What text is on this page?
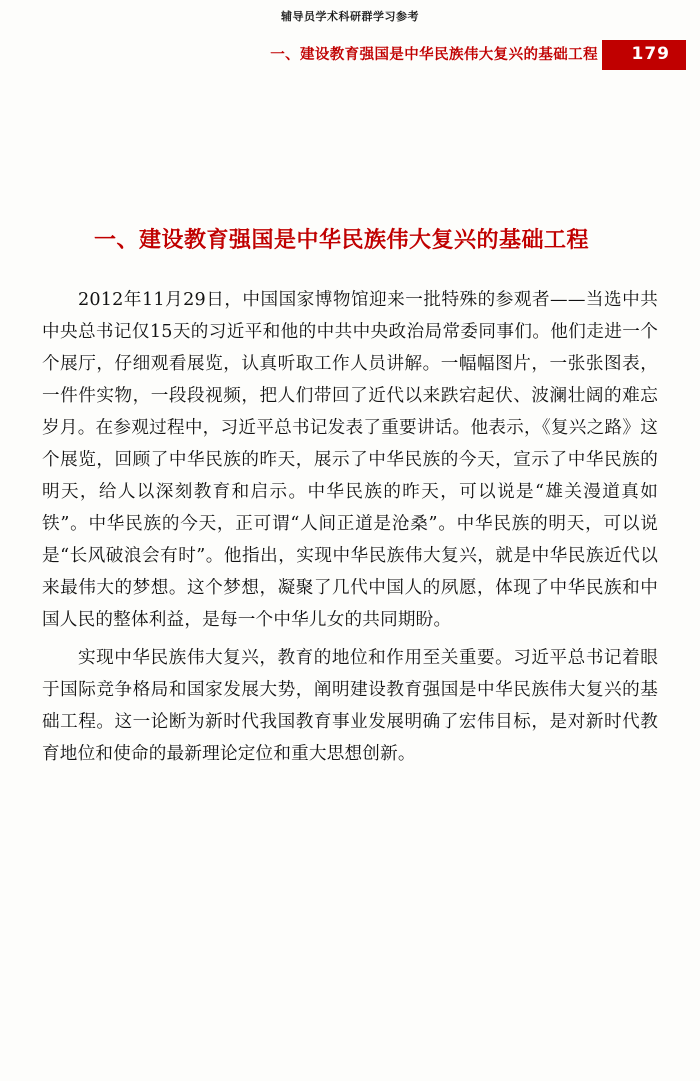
辅导员学术科研群学习参考
一、建设教育强国是中华民族伟大复兴的基础工程 179
一、建设教育强国是中华民族伟大复兴的基础工程

2012年11月29日，中国国家博物馆迎来一批特殊的参观者——当选中共中央总书记仅15天的习近平和他的中共中央政治局常委同事们。他们走进一个个展厅，仔细观看展览，认真听取工作人员讲解。一幅幅图片，一张张图表，一件件实物，一段段视频，把人们带回了近代以来跌宕起伏、波澜壮阔的难忘岁月。在参观过程中，习近平总书记发表了重要讲话。他表示，《复兴之路》这个展览，回顾了中华民族的昨天，展示了中华民族的今天，宣示了中华民族的明天，给人以深刻教育和启示。中华民族的昨天，可以说是“雄关漫道真如铁”。中华民族的今天，正可谓“人间正道是沧桑”。中华民族的明天，可以说是“长风破浪会有时”。他指出，实现中华民族伟大复兴，就是中华民族近代以来最伟大的梦想。这个梦想，凝聚了几代中国人的夙愿，体现了中华民族和中国人民的整体利益，是每一个中华儿女的共同期盼。

实现中华民族伟大复兴，教育的地位和作用至关重要。习近平总书记着眼于国际竞争格局和国家发展大势，阐明建设教育强国是中华民族伟大复兴的基础工程。这一论断为新时代我国教育事业发展明确了宏伟目标，是对新时代教育地位和使命的最新理论定位和重大思想创新。
